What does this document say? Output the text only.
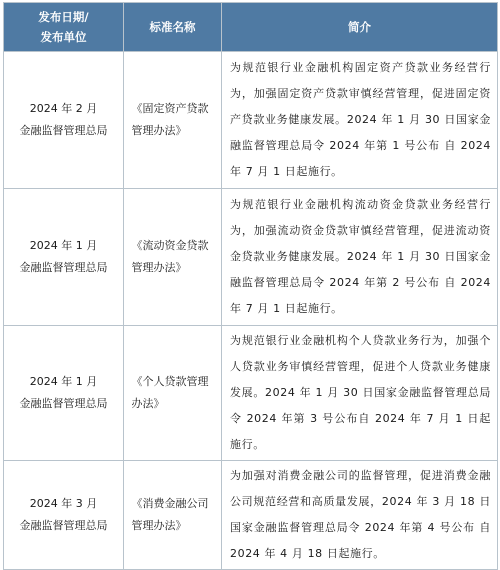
发布日期/
发布单位	标准名称	简介

2024 年 2 月
金融监督管理总局	《固定资产贷款管理办法》	为规范银行业金融机构固定资产贷款业务经营行为，加强固定资产贷款审慎经营管理，促进固定资产贷款业务健康发展。2024 年 1 月 30 日国家金融监督管理总局令 2024 年第 1 号公布 自 2024 年 7 月 1 日起施行。

2024 年 1 月
金融监督管理总局	《流动资金贷款管理办法》	为规范银行业金融机构流动资金贷款业务经营行为，加强流动资金贷款审慎经营管理，促进流动资金贷款业务健康发展。2024 年 1 月 30 日国家金融监督管理总局令 2024 年第 2 号公布 自 2024 年 7 月 1 日起施行。

2024 年 1 月
金融监督管理总局	《个人贷款管理办法》	为规范银行业金融机构个人贷款业务行为，加强个人贷款业务审慎经营管理，促进个人贷款业务健康发展。2024 年 1 月 30 日国家金融监督管理总局令 2024 年第 3 号公布自 2024 年 7 月 1 日起施行。

2024 年 3 月
金融监督管理总局	《消费金融公司管理办法》	为加强对消费金融公司的监督管理，促进消费金融公司规范经营和高质量发展，2024 年 3 月 18 日国家金融监督管理总局令 2024 年第 4 号公布 自 2024 年 4 月 18 日起施行。
